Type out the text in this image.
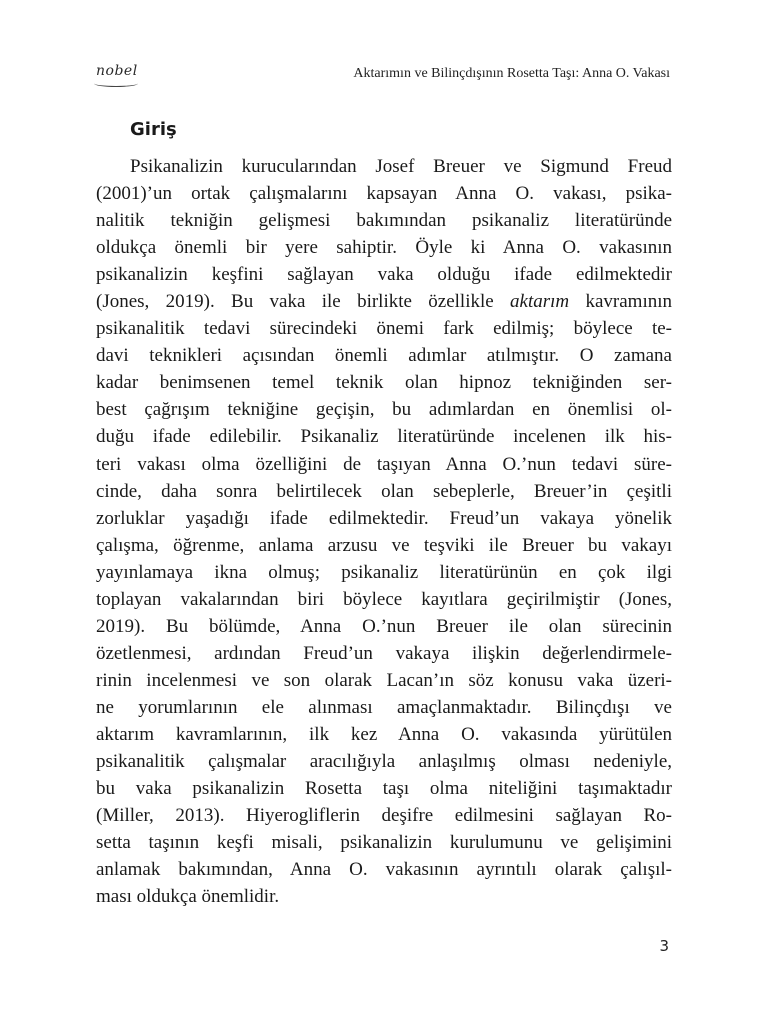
nobel	Aktarımın ve Bilinçdışının Rosetta Taşı: Anna O. Vakası
Giriş
Psikanalizin kurucularından Josef Breuer ve Sigmund Freud
(2001)’un ortak çalışmalarını kapsayan Anna O. vakası, psika-
nalitik tekniğin gelişmesi bakımından psikanaliz literatüründe
oldukça önemli bir yere sahiptir. Öyle ki Anna O. vakasının
psikanalizin keşfini sağlayan vaka olduğu ifade edilmektedir
(Jones, 2019). Bu vaka ile birlikte özellikle aktarım kavramının
psikanalitik tedavi sürecindeki önemi fark edilmiş; böylece te-
davi teknikleri açısından önemli adımlar atılmıştır. O zamana
kadar benimsenen temel teknik olan hipnoz tekniğinden ser-
best çağrışım tekniğine geçişin, bu adımlardan en önemlisi ol-
duğu ifade edilebilir. Psikanaliz literatüründe incelenen ilk his-
teri vakası olma özelliğini de taşıyan Anna O.’nun tedavi süre-
cinde, daha sonra belirtilecek olan sebeplerle, Breuer’in çeşitli
zorluklar yaşadığı ifade edilmektedir. Freud’un vakaya yönelik
çalışma, öğrenme, anlama arzusu ve teşviki ile Breuer bu vakayı
yayınlamaya ikna olmuş; psikanaliz literatürünün en çok ilgi
toplayan vakalarından biri böylece kayıtlara geçirilmiştir (Jones,
2019). Bu bölümde, Anna O.’nun Breuer ile olan sürecinin
özetlenmesi, ardından Freud’un vakaya ilişkin değerlendirmele-
rinin incelenmesi ve son olarak Lacan’ın söz konusu vaka üzeri-
ne yorumlarının ele alınması amaçlanmaktadır. Bilinçdışı ve
aktarım kavramlarının, ilk kez Anna O. vakasında yürütülen
psikanalitik çalışmalar aracılığıyla anlaşılmış olması nedeniyle,
bu vaka psikanalizin Rosetta taşı olma niteliğini taşımaktadır
(Miller, 2013). Hiyerogliflerin deşifre edilmesini sağlayan Ro-
setta taşının keşfi misali, psikanalizin kurulumunu ve gelişimini
anlamak bakımından, Anna O. vakasının ayrıntılı olarak çalışıl-
ması oldukça önemlidir.
3
